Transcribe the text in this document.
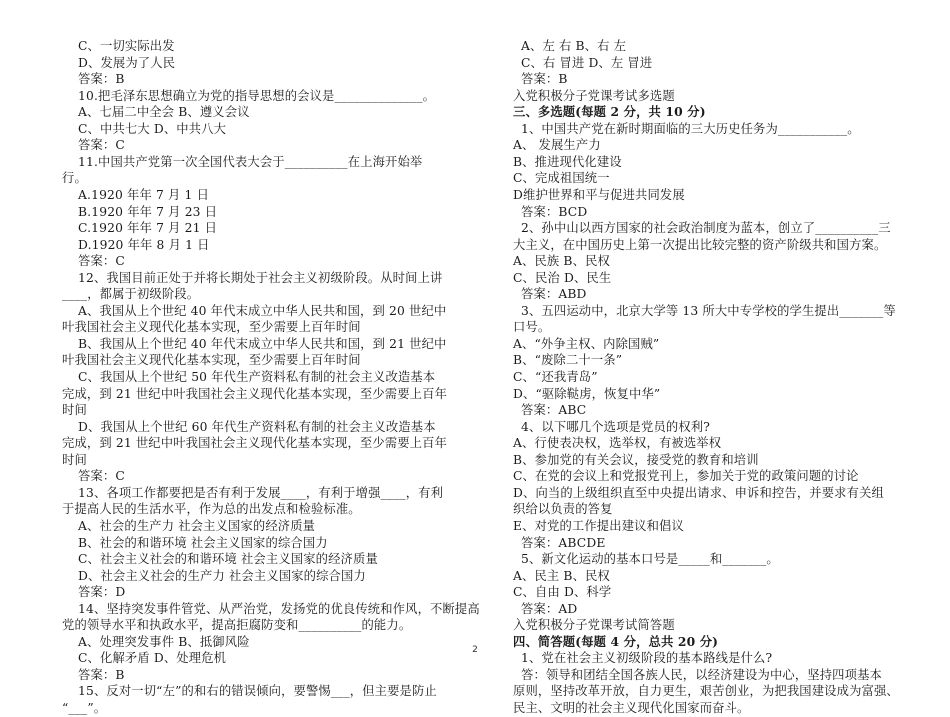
C、一切实际出发
D、发展为了人民
答案：B
10.把毛泽东思想确立为党的指导思想的会议是______________。
A、七届二中全会 B、遵义会议
C、中共七大 D、中共八大
答案：C
11.中国共产党第一次全国代表大会于__________在上海开始举
行。
A.1920 年年 7 月 1 日
B.1920 年年 7 月 23 日
C.1920 年年 7 月 21 日
D.1920 年年 8 月 1 日
答案：C
12、我国目前正处于并将长期处于社会主义初级阶段。从时间上讲
____，都属于初级阶段。
A、我国从上个世纪 40 年代末成立中华人民共和国，到 20 世纪中
叶我国社会主义现代化基本实现，至少需要上百年时间
B、我国从上个世纪 40 年代末成立中华人民共和国，到 21 世纪中
叶我国社会主义现代化基本实现，至少需要上百年时间
C、我国从上个世纪 50 年代生产资料私有制的社会主义改造基本
完成，到 21 世纪中叶我国社会主义现代化基本实现，至少需要上百年
时间
D、我国从上个世纪 60 年代生产资料私有制的社会主义改造基本
完成，到 21 世纪中叶我国社会主义现代化基本实现，至少需要上百年
时间
答案：C
13、各项工作都要把是否有利于发展____，有利于增强____，有利
于提高人民的生活水平，作为总的出发点和检验标准。
A、社会的生产力 社会主义国家的经济质量
B、社会的和谐环境 社会主义国家的综合国力
C、社会主义社会的和谐环境 社会主义国家的经济质量
D、社会主义社会的生产力 社会主义国家的综合国力
答案：D
14、坚持突发事件管党、从严治党，发扬党的优良传统和作风，不断提高
党的领导水平和执政水平，提高拒腐防变和__________的能力。
A、处理突发事件 B、抵御风险
C、化解矛盾 D、处理危机
答案：B
15、反对一切“左”的和右的错误倾向，要警惕___，但主要是防止
“___”。
A、左 右 B、右 左
C、右 冒进 D、左 冒进
答案：B
入党积极分子党课考试多选题
三、多选题(每题 2 分，共 10 分)
1、中国共产党在新时期面临的三大历史任务为___________。
A、 发展生产力
B、推进现代化建设
C、完成祖国统一
D维护世界和平与促进共同发展
答案：BCD
2、孙中山以西方国家的社会政治制度为蓝本，创立了__________三
大主义，在中国历史上第一次提出比较完整的资产阶级共和国方案。
A、民族 B、民权
C、民治 D、民生
答案：ABD
3、五四运动中，北京大学等 13 所大中专学校的学生提出_______等
口号。
A、“外争主权、内除国贼”
B、“废除二十一条”
C、“还我青岛”
D、“驱除鞑虏，恢复中华”
答案：ABC
4、以下哪几个选项是党员的权利?
A、行使表决权，选举权，有被选举权
B、参加党的有关会议，接受党的教育和培训
C、在党的会议上和党报党刊上，参加关于党的政策问题的讨论
D、向当的上级组织直至中央提出请求、申诉和控告，并要求有关组
织给以负责的答复
E、对党的工作提出建议和倡议
答案：ABCDE
5、新文化运动的基本口号是_____和_______。
A、民主 B、民权
C、自由 D、科学
答案：AD
入党积极分子党课考试简答题
四、简答题(每题 4 分，总共 20 分)
1、党在社会主义初级阶段的基本路线是什么?
答：领导和团结全国各族人民，以经济建设为中心，坚持四项基本
原则，坚持改革开放，自力更生，艰苦创业，为把我国建设成为富强、
民主、文明的社会主义现代化国家而奋斗。
2
